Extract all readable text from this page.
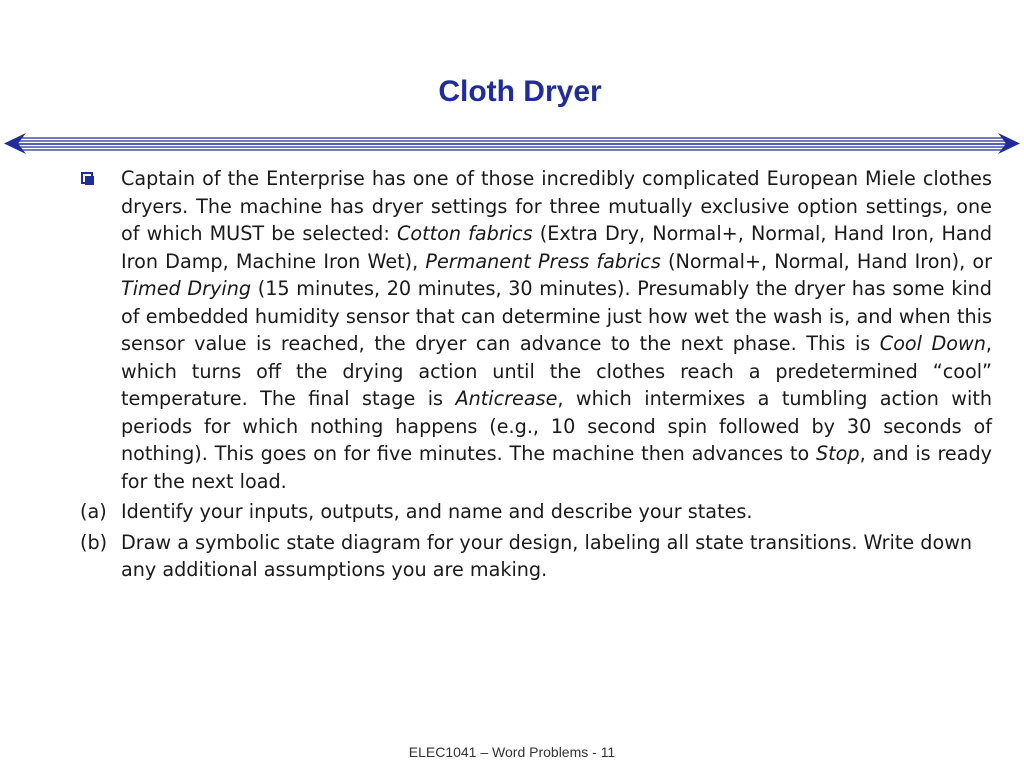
Cloth Dryer
Captain of the Enterprise has one of those incredibly complicated European Miele clothes dryers. The machine has dryer settings for three mutually exclusive option settings, one of which MUST be selected: Cotton fabrics (Extra Dry, Normal+, Normal, Hand Iron, Hand Iron Damp, Machine Iron Wet), Permanent Press fabrics (Normal+, Normal, Hand Iron), or Timed Drying (15 minutes, 20 minutes, 30 minutes). Presumably the dryer has some kind of embedded humidity sensor that can determine just how wet the wash is, and when this sensor value is reached, the dryer can advance to the next phase. This is Cool Down, which turns off the drying action until the clothes reach a predetermined “cool” temperature. The final stage is Anticrease, which intermixes a tumbling action with periods for which nothing happens (e.g., 10 second spin followed by 30 seconds of nothing). This goes on for five minutes. The machine then advances to Stop, and is ready for the next load.
(a) Identify your inputs, outputs, and name and describe your states.
(b) Draw a symbolic state diagram for your design, labeling all state transitions. Write down any additional assumptions you are making.
ELEC1041 – Word Problems - 11
